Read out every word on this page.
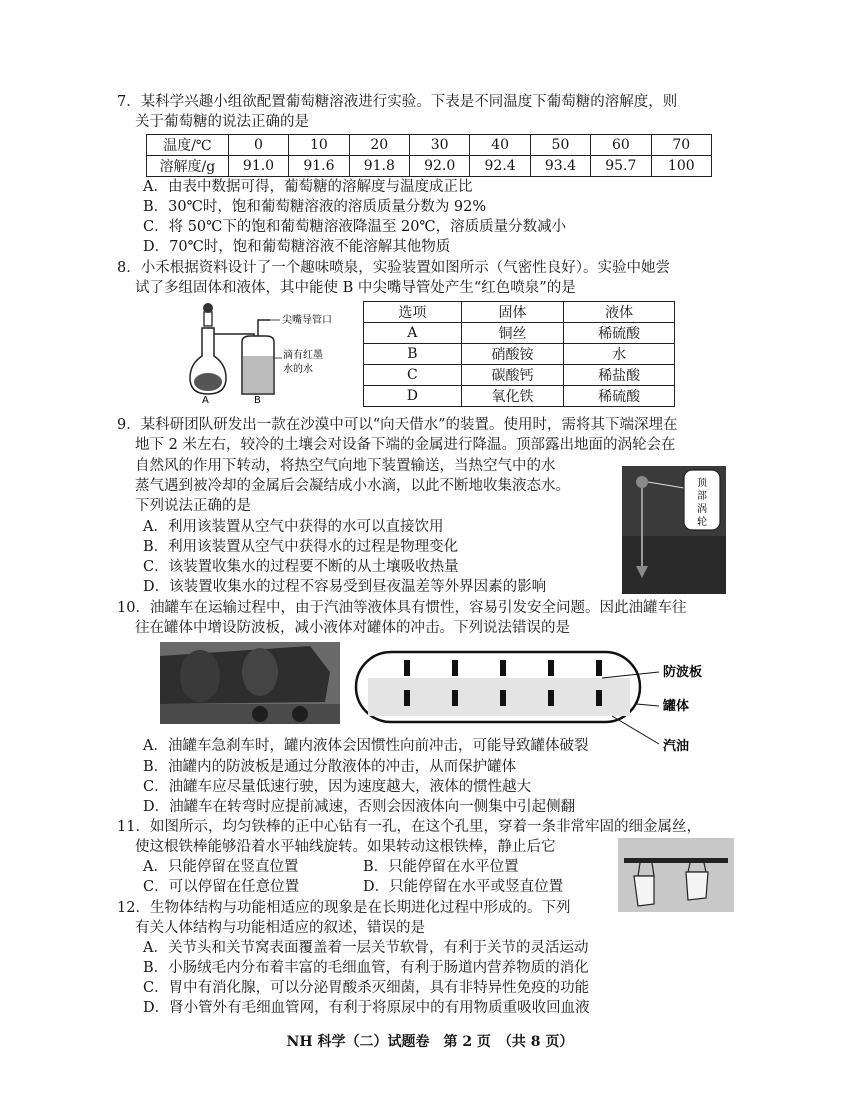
7．某科学兴趣小组欲配置葡萄糖溶液进行实验。下表是不同温度下葡萄糖的溶解度，则
关于葡萄糖的说法正确的是
温度/℃	0	10	20	30	40	50	60	70
溶解度/g	91.0	91.6	91.8	92.0	92.4	93.4	95.7	100
A．由表中数据可得，葡萄糖的溶解度与温度成正比
B．30℃时，饱和葡萄糖溶液的溶质质量分数为 92%
C．将 50℃下的饱和葡萄糖溶液降温至 20℃，溶质质量分数减小
D．70℃时，饱和葡萄糖溶液不能溶解其他物质
8．小禾根据资料设计了一个趣味喷泉，实验装置如图所示（气密性良好）。实验中她尝
试了多组固体和液体，其中能使 B 中尖嘴导管处产生“红色喷泉”的是
尖嘴导管口
滴有红墨
水的水
A	B
选项	固体	液体
A	铜丝	稀硫酸
B	硝酸铵	水
C	碳酸钙	稀盐酸
D	氧化铁	稀硫酸
9．某科研团队研发出一款在沙漠中可以“向天借水”的装置。使用时，需将其下端深埋在
地下 2 米左右，较冷的土壤会对设备下端的金属进行降温。顶部露出地面的涡轮会在
自然风的作用下转动，将热空气向地下装置输送，当热空气中的水
蒸气遇到被冷却的金属后会凝结成小水滴，以此不断地收集液态水。
下列说法正确的是
顶
部
涡
轮
A．利用该装置从空气中获得的水可以直接饮用
B．利用该装置从空气中获得水的过程是物理变化
C．该装置收集水的过程要不断的从土壤吸收热量
D．该装置收集水的过程不容易受到昼夜温差等外界因素的影响
10．油罐车在运输过程中，由于汽油等液体具有惯性，容易引发安全问题。因此油罐车往
往在罐体中增设防波板，减小液体对罐体的冲击。下列说法错误的是
防波板
罐体
汽油
A．油罐车急刹车时，罐内液体会因惯性向前冲击，可能导致罐体破裂
B．油罐内的防波板是通过分散液体的冲击，从而保护罐体
C．油罐车应尽量低速行驶，因为速度越大，液体的惯性越大
D．油罐车在转弯时应提前减速，否则会因液体向一侧集中引起侧翻
11．如图所示，均匀铁棒的正中心钻有一孔，在这个孔里，穿着一条非常牢固的细金属丝，
使这根铁棒能够沿着水平轴线旋转。如果转动这根铁棒，静止后它
A．只能停留在竖直位置	B．只能停留在水平位置
C．可以停留在任意位置	D．只能停留在水平或竖直位置
12．生物体结构与功能相适应的现象是在长期进化过程中形成的。下列
有关人体结构与功能相适应的叙述，错误的是
A．关节头和关节窝表面覆盖着一层关节软骨，有利于关节的灵活运动
B．小肠绒毛内分布着丰富的毛细血管，有利于肠道内营养物质的消化
C．胃中有消化腺，可以分泌胃酸杀灭细菌，具有非特异性免疫的功能
D．肾小管外有毛细血管网，有利于将原尿中的有用物质重吸收回血液
NH 科学（二）试题卷　第 2 页　（共 8 页）
